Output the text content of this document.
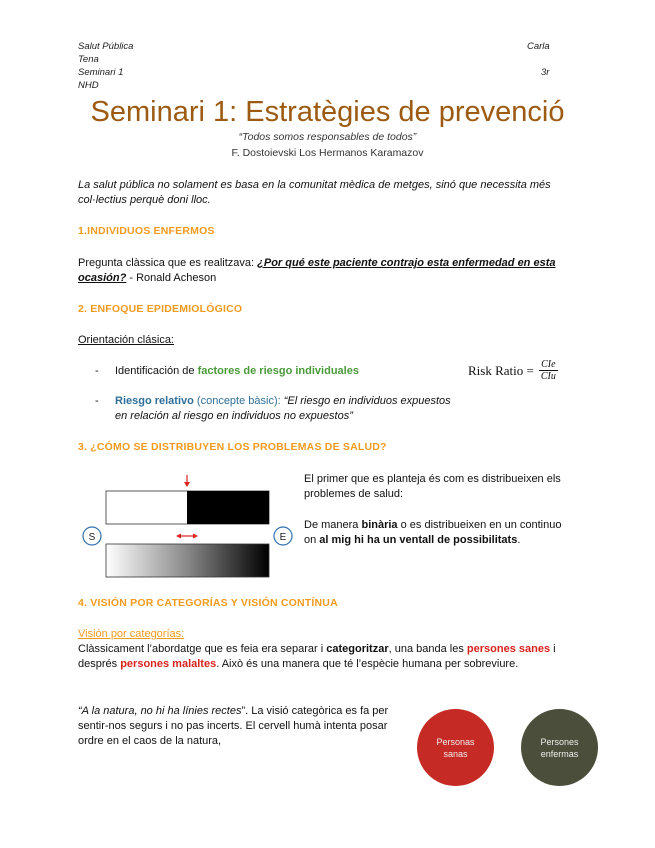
Salut Pública
Tena
Seminari 1
NHD
Carla
3r
Seminari 1: Estratègies de prevenció
“Todos somos responsables de todos”
F. Dostoievski Los Hermanos Karamazov
La salut pública no solament es basa en la comunitat mèdica de metges, sinó que necessita més col·lectius perquè doni lloc.
1.INDIVIDUOS ENFERMOS
Pregunta clàssica que es realitzava: ¿Por qué este paciente contrajo esta enfermedad en esta ocasión? - Ronald Acheson
2. ENFOQUE EPIDEMIOLÓGICO
Orientación clásica:
- Identificación de factores de riesgo individuales	Risk Ratio = CIe
CIu
- Riesgo relativo (concepte bàsic): “El riesgo en individuos expuestos en relación al riesgo en individuos no expuestos”
3. ¿CÓMO SE DISTRIBUYEN LOS PROBLEMAS DE SALUD?
S	E
El primer que es planteja és com es distribueixen els problemes de salud:
De manera binària o es distribueixen en un continuo on al mig hi ha un ventall de possibilitats.
4. VISIÓN POR CATEGORÍAS Y VISIÓN CONTÍNUA
Visión por categorías:
Clàssicament l’abordatge que es feia era separar i categoritzar, una banda les persones sanes i després persones malaltes. Això és una manera que té l’espècie humana per sobreviure.
“A la natura, no hi ha línies rectes”. La visió categòrica es fa per sentir-nos segurs i no pas incerts. El cervell humà intenta posar ordre en el caos de la natura,	Personas sanas
Persones enfermas
